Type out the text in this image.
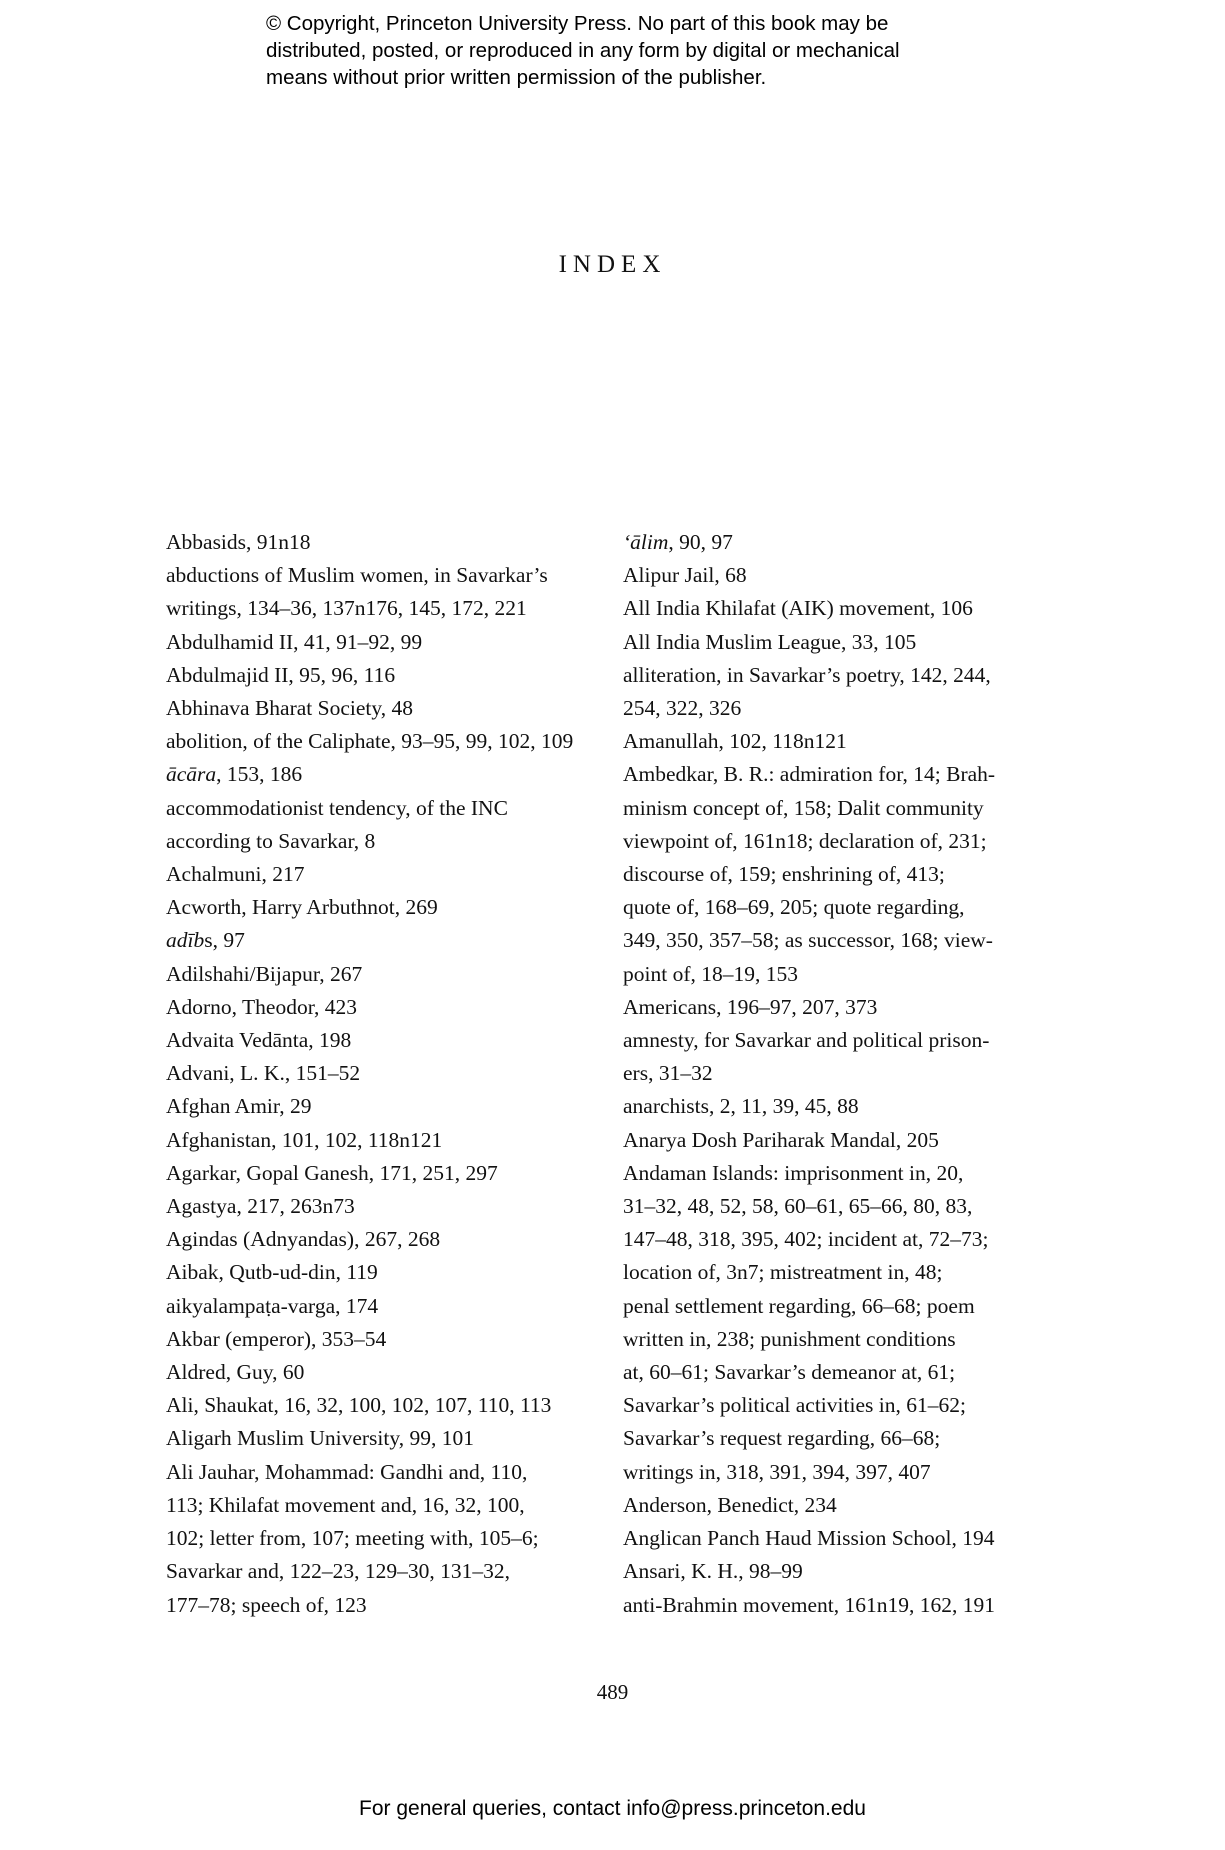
© Copyright, Princeton University Press. No part of this book may be
distributed, posted, or reproduced in any form by digital or mechanical
means without prior written permission of the publisher.
INDEX
Abbasids, 91n18
abductions of Muslim women, in Savarkar’s
writings, 134–36, 137n176, 145, 172, 221
Abdulhamid II, 41, 91–92, 99
Abdulmajid II, 95, 96, 116
Abhinava Bharat Society, 48
abolition, of the Caliphate, 93–95, 99, 102, 109
ācāra, 153, 186
accommodationist tendency, of the INC
according to Savarkar, 8
Achalmuni, 217
Acworth, Harry Arbuthnot, 269
adībs, 97
Adilshahi/Bijapur, 267
Adorno, Theodor, 423
Advaita Vedānta, 198
Advani, L. K., 151–52
Afghan Amir, 29
Afghanistan, 101, 102, 118n121
Agarkar, Gopal Ganesh, 171, 251, 297
Agastya, 217, 263n73
Agindas (Adnyandas), 267, 268
Aibak, Qutb-ud-din, 119
aikyalampaṭa-varga, 174
Akbar (emperor), 353–54
Aldred, Guy, 60
Ali, Shaukat, 16, 32, 100, 102, 107, 110, 113
Aligarh Muslim University, 99, 101
Ali Jauhar, Mohammad: Gandhi and, 110,
113; Khilafat movement and, 16, 32, 100,
102; letter from, 107; meeting with, 105–6;
Savarkar and, 122–23, 129–30, 131–32,
177–78; speech of, 123
‘ālim, 90, 97
Alipur Jail, 68
All India Khilafat (AIK) movement, 106
All India Muslim League, 33, 105
alliteration, in Savarkar’s poetry, 142, 244,
254, 322, 326
Amanullah, 102, 118n121
Ambedkar, B. R.: admiration for, 14; Brah-
minism concept of, 158; Dalit community
viewpoint of, 161n18; declaration of, 231;
discourse of, 159; enshrining of, 413;
quote of, 168–69, 205; quote regarding,
349, 350, 357–58; as successor, 168; view-
point of, 18–19, 153
Americans, 196–97, 207, 373
amnesty, for Savarkar and political prison-
ers, 31–32
anarchists, 2, 11, 39, 45, 88
Anarya Dosh Pariharak Mandal, 205
Andaman Islands: imprisonment in, 20,
31–32, 48, 52, 58, 60–61, 65–66, 80, 83,
147–48, 318, 395, 402; incident at, 72–73;
location of, 3n7; mistreatment in, 48;
penal settlement regarding, 66–68; poem
written in, 238; punishment conditions
at, 60–61; Savarkar’s demeanor at, 61;
Savarkar’s political activities in, 61–62;
Savarkar’s request regarding, 66–68;
writings in, 318, 391, 394, 397, 407
Anderson, Benedict, 234
Anglican Panch Haud Mission School, 194
Ansari, K. H., 98–99
anti-Brahmin movement, 161n19, 162, 191
489
For general queries, contact info@press.princeton.edu
